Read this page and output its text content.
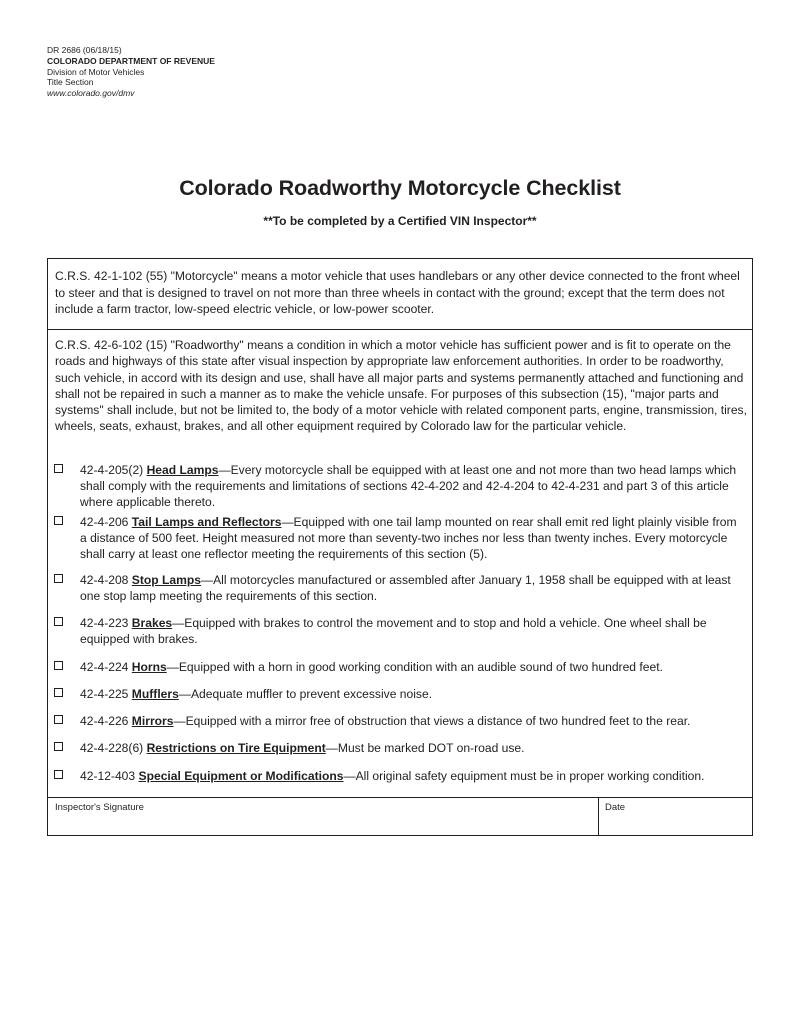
DR 2686 (06/18/15)
COLORADO DEPARTMENT OF REVENUE
Division of Motor Vehicles
Title Section
www.colorado.gov/dmv
Colorado Roadworthy Motorcycle Checklist
**To be completed by a Certified VIN Inspector**
C.R.S. 42-1-102 (55) "Motorcycle" means a motor vehicle that uses handlebars or any other device connected to the front wheel to steer and that is designed to travel on not more than three wheels in contact with the ground; except that the term does not include a farm tractor, low-speed electric vehicle, or low-power scooter.
C.R.S. 42-6-102 (15) "Roadworthy" means a condition in which a motor vehicle has sufficient power and is fit to operate on the roads and highways of this state after visual inspection by appropriate law enforcement authorities. In order to be roadworthy, such vehicle, in accord with its design and use, shall have all major parts and systems permanently attached and functioning and shall not be repaired in such a manner as to make the vehicle unsafe. For purposes of this subsection (15), "major parts and systems" shall include, but not be limited to, the body of a motor vehicle with related component parts, engine, transmission, tires, wheels, seats, exhaust, brakes, and all other equipment required by Colorado law for the particular vehicle.
42-4-205(2) Head Lamps—Every motorcycle shall be equipped with at least one and not more than two head lamps which shall comply with the requirements and limitations of sections 42-4-202 and 42-4-204 to 42-4-231 and part 3 of this article where applicable thereto.
42-4-206 Tail Lamps and Reflectors—Equipped with one tail lamp mounted on rear shall emit red light plainly visible from a distance of 500 feet. Height measured not more than seventy-two inches nor less than twenty inches. Every motorcycle shall carry at least one reflector meeting the requirements of this section (5).
42-4-208 Stop Lamps—All motorcycles manufactured or assembled after January 1, 1958 shall be equipped with at least one stop lamp meeting the requirements of this section.
42-4-223 Brakes—Equipped with brakes to control the movement and to stop and hold a vehicle. One wheel shall be equipped with brakes.
42-4-224 Horns—Equipped with a horn in good working condition with an audible sound of two hundred feet.
42-4-225 Mufflers—Adequate muffler to prevent excessive noise.
42-4-226 Mirrors—Equipped with a mirror free of obstruction that views a distance of two hundred feet to the rear.
42-4-228(6) Restrictions on Tire Equipment—Must be marked DOT on-road use.
42-12-403 Special Equipment or Modifications—All original safety equipment must be in proper working condition.
Inspector's Signature	Date
